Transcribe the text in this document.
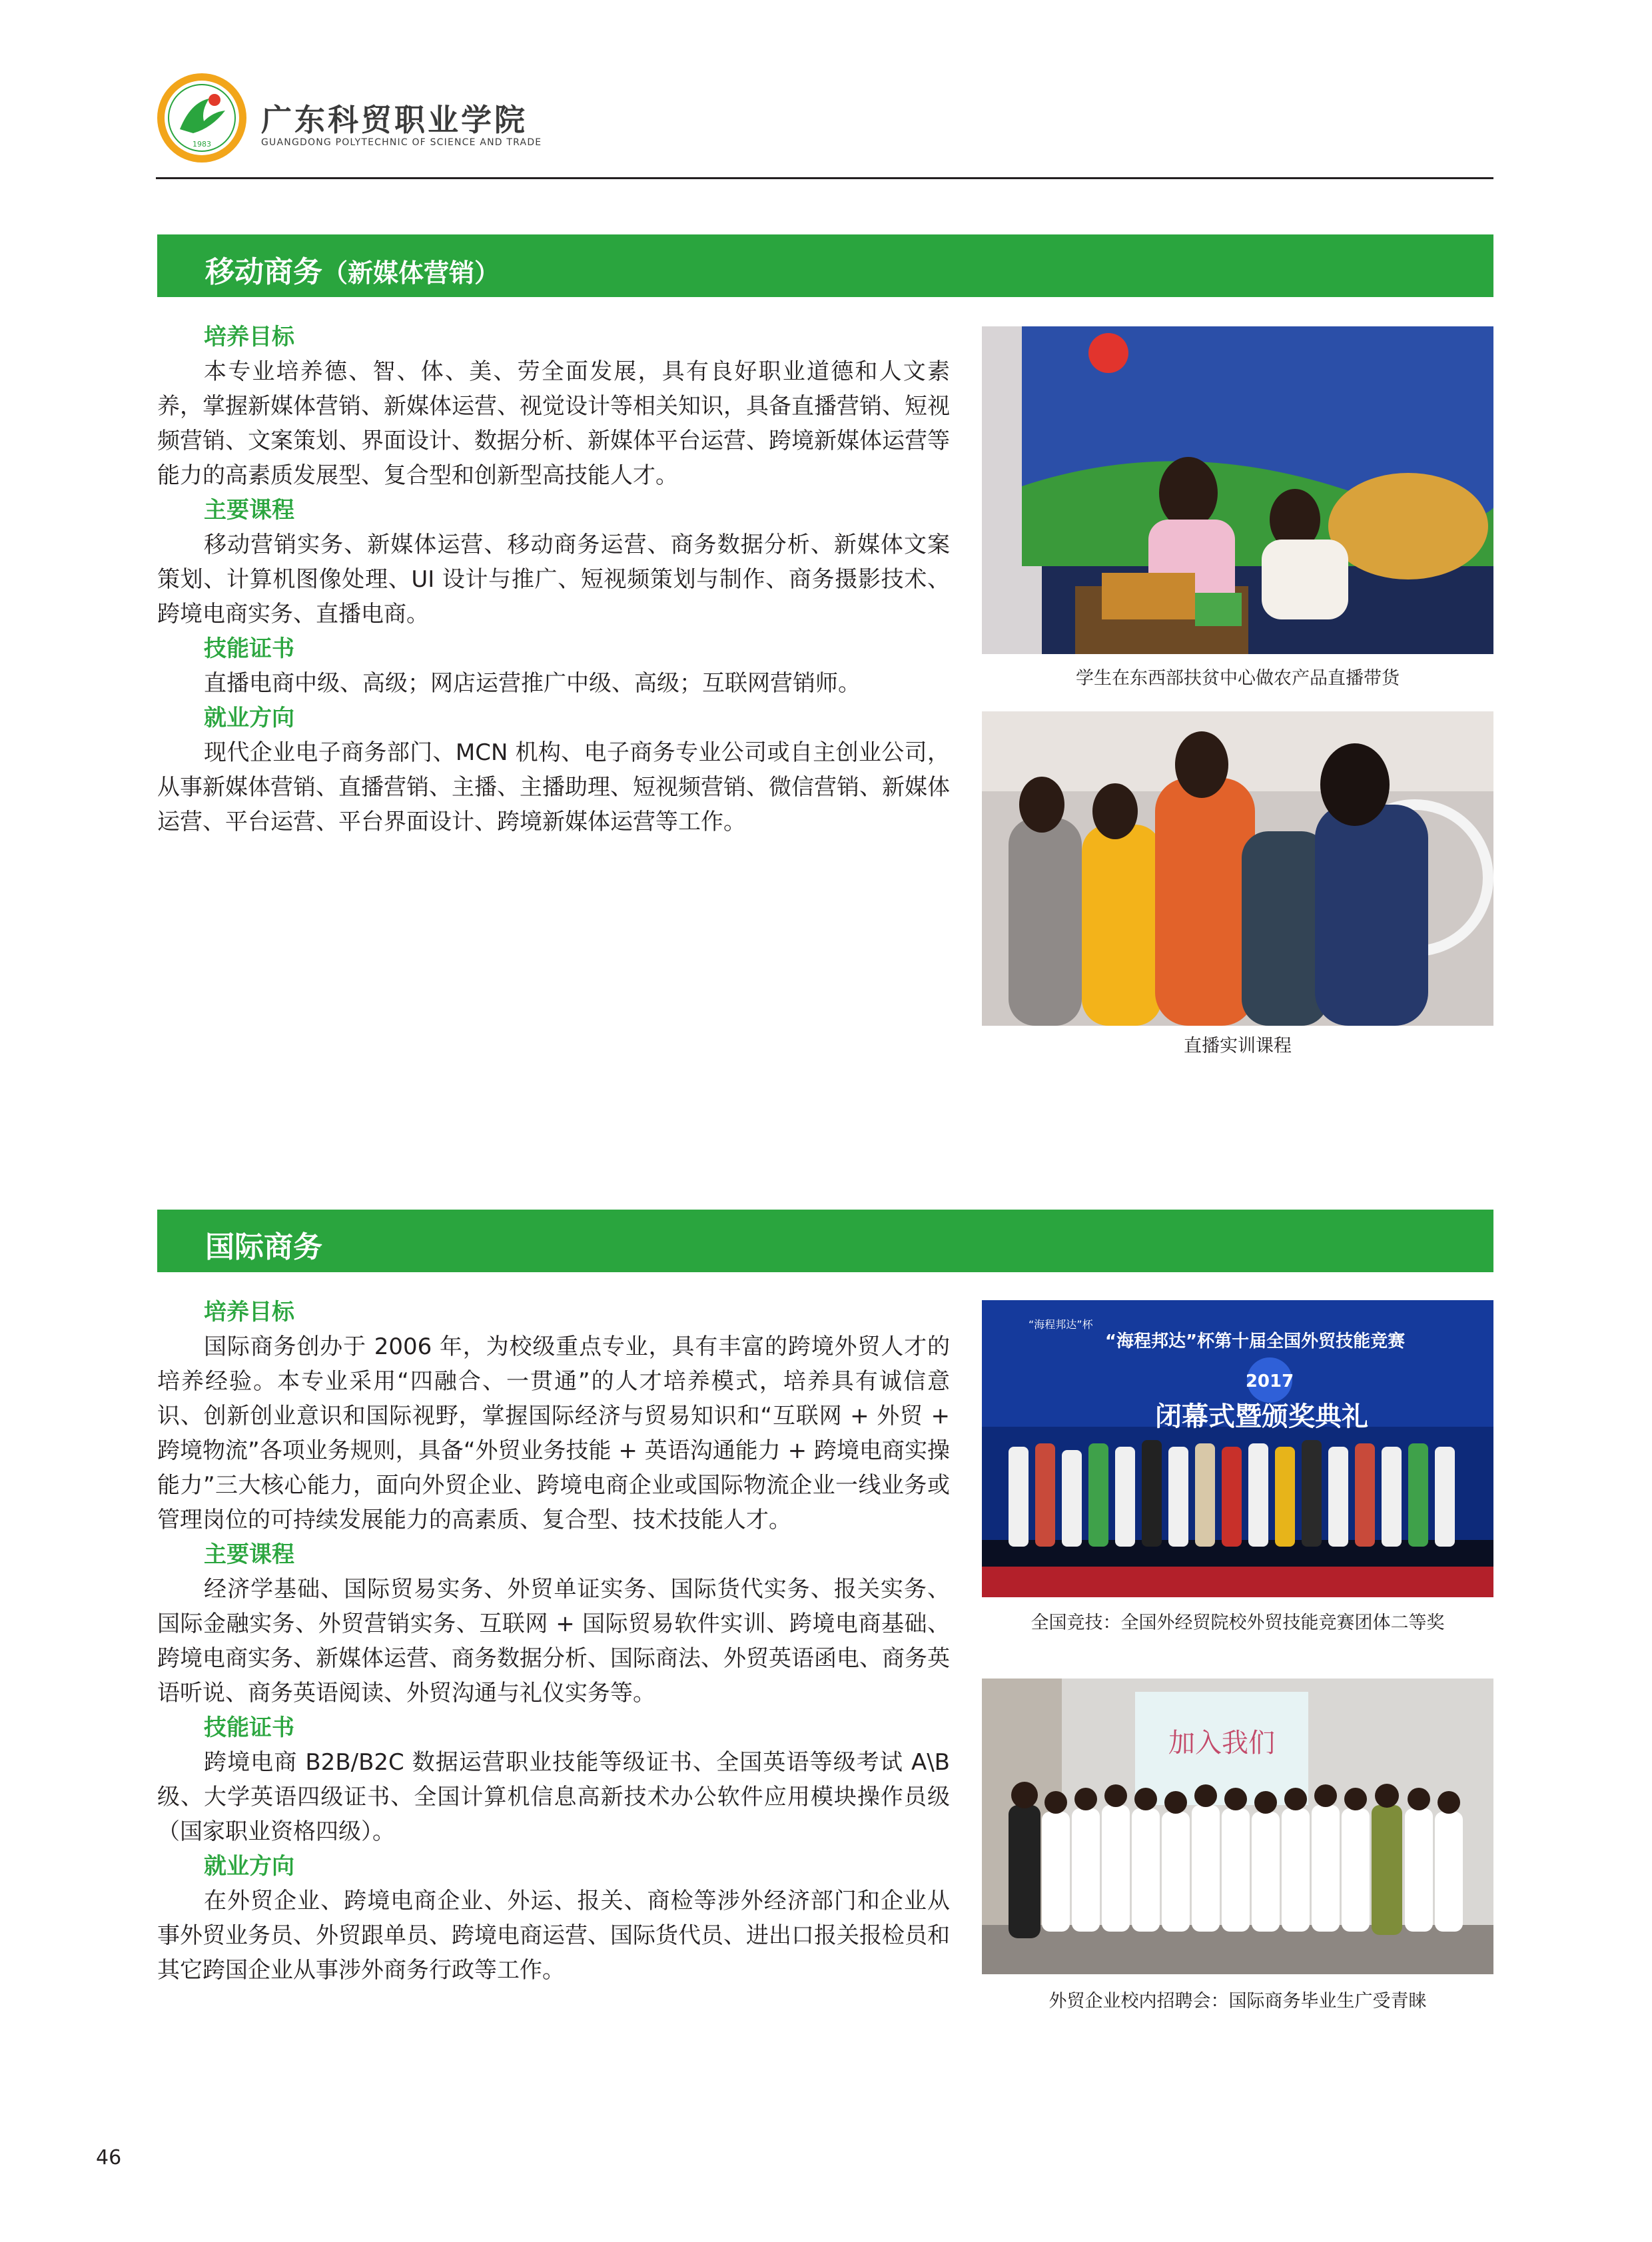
1983
广东科贸职业学院
GUANGDONG POLYTECHNIC OF SCIENCE AND TRADE
移动商务（新媒体营销）
培养目标

本专业培养德、智、体、美、劳全面发展，具有良好职业道德和人文素养，掌握新媒体营销、新媒体运营、视觉设计等相关知识，具备直播营销、短视频营销、文案策划、界面设计、数据分析、新媒体平台运营、跨境新媒体运营等能力的高素质发展型、复合型和创新型高技能人才。

主要课程

移动营销实务、新媒体运营、移动商务运营、商务数据分析、新媒体文案策划、计算机图像处理、UI 设计与推广、短视频策划与制作、商务摄影技术、跨境电商实务、直播电商。

技能证书

直播电商中级、高级；网店运营推广中级、高级；互联网营销师。

就业方向

现代企业电子商务部门、MCN 机构、电子商务专业公司或自主创业公司，从事新媒体营销、直播营销、主播、主播助理、短视频营销、微信营销、新媒体运营、平台运营、平台界面设计、跨境新媒体运营等工作。

学生在东西部扶贫中心做农产品直播带货
直播实训课程
国际商务
培养目标

国际商务创办于 2006 年，为校级重点专业，具有丰富的跨境外贸人才的培养经验。本专业采用“四融合、一贯通”的人才培养模式，培养具有诚信意识、创新创业意识和国际视野，掌握国际经济与贸易知识和“互联网 + 外贸 + 跨境物流”各项业务规则，具备“外贸业务技能 + 英语沟通能力 + 跨境电商实操能力”三大核心能力，面向外贸企业、跨境电商企业或国际物流企业一线业务或管理岗位的可持续发展能力的高素质、复合型、技术技能人才。

主要课程

经济学基础、国际贸易实务、外贸单证实务、国际货代实务、报关实务、国际金融实务、外贸营销实务、互联网 + 国际贸易软件实训、跨境电商基础、跨境电商实务、新媒体运营、商务数据分析、国际商法、外贸英语函电、商务英语听说、商务英语阅读、外贸沟通与礼仪实务等。

技能证书

跨境电商 B2B/B2C 数据运营职业技能等级证书、全国英语等级考试 A\B 级、大学英语四级证书、全国计算机信息高新技术办公软件应用模块操作员级（国家职业资格四级）。

就业方向

在外贸企业、跨境电商企业、外运、报关、商检等涉外经济部门和企业从事外贸业务员、外贸跟单员、跨境电商运营、国际货代员、进出口报关报检员和其它跨国企业从事涉外商务行政等工作。

“海程邦达”杯
“海程邦达”杯第十届全国外贸技能竞赛
2017
闭幕式暨颁奖典礼
全国竞技：全国外经贸院校外贸技能竞赛团体二等奖
加入我们
外贸企业校内招聘会：国际商务毕业生广受青睐
46
